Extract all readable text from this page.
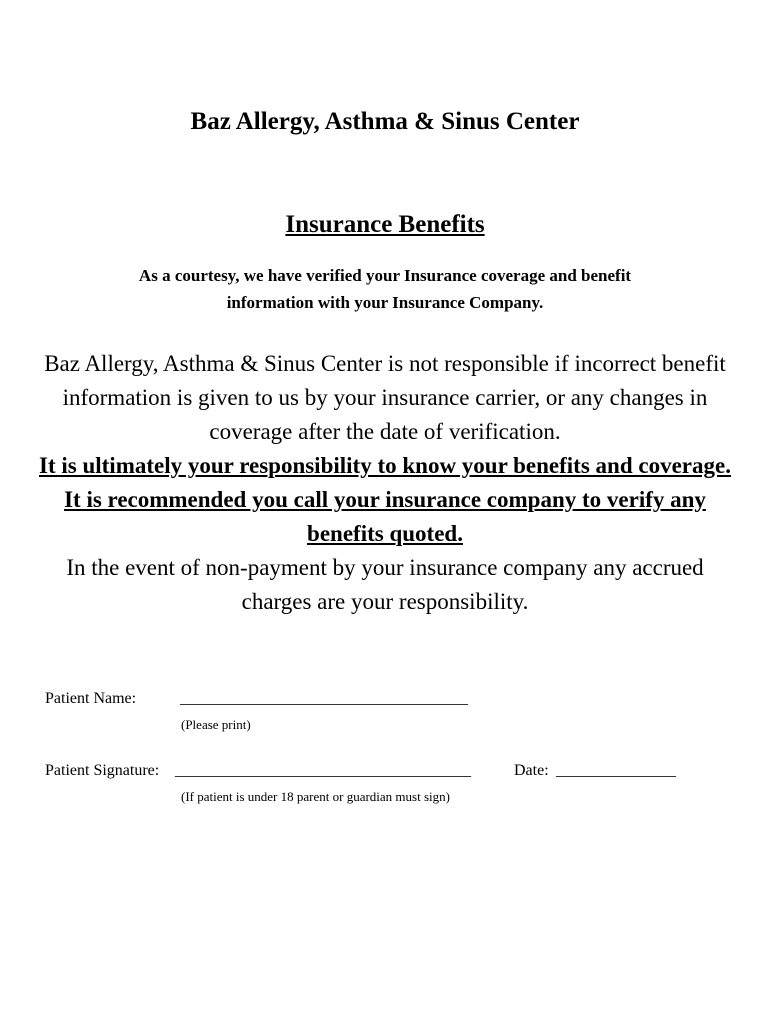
Baz Allergy, Asthma & Sinus Center
Insurance Benefits
As a courtesy, we have verified your Insurance coverage and benefit
information with your Insurance Company.
Baz Allergy, Asthma & Sinus Center is not responsible if incorrect benefit information is given to us by your insurance carrier, or any changes in coverage after the date of verification.
It is ultimately your responsibility to know your benefits and coverage. It is recommended you call your insurance company to verify any benefits quoted.
In the event of non-payment by your insurance company any accrued charges are your responsibility.
Patient Name:	____________________________________
(Please print)
Patient Signature: _____________________________________	Date: _______________
(If patient is under 18 parent or guardian must sign)
